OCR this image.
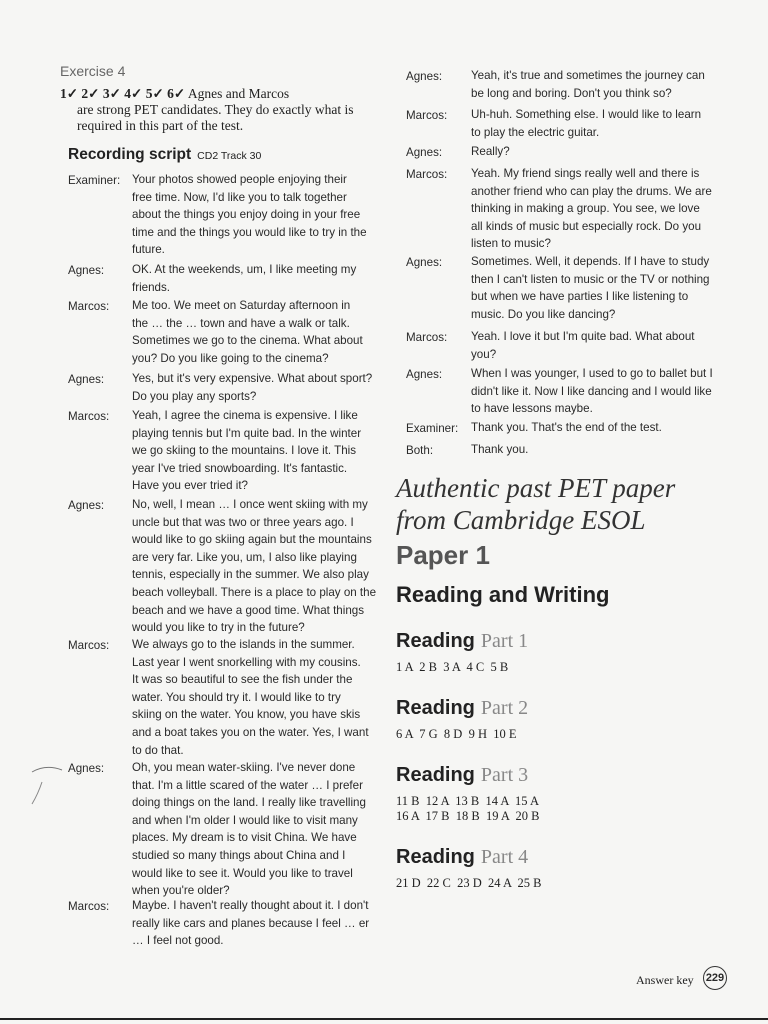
Exercise 4
1✓ 2✓ 3✓ 4✓ 5✓ 6✓ Agnes and Marcos
are strong PET candidates. They do exactly what is
required in this part of the test.
Recording script CD2 Track 30
Examiner: Your photos showed people enjoying their
free time. Now, I'd like you to talk together
about the things you enjoy doing in your free
time and the things you would like to try in the
future.
Agnes: OK. At the weekends, um, I like meeting my
friends.
Marcos: Me too. We meet on Saturday afternoon in
the … the … town and have a walk or talk.
Sometimes we go to the cinema. What about
you? Do you like going to the cinema?
Agnes: Yes, but it's very expensive. What about sport?
Do you play any sports?
Marcos: Yeah, I agree the cinema is expensive. I like
playing tennis but I'm quite bad. In the winter
we go skiing to the mountains. I love it. This
year I've tried snowboarding. It's fantastic.
Have you ever tried it?
Agnes: No, well, I mean … I once went skiing with my
uncle but that was two or three years ago. I
would like to go skiing again but the mountains
are very far. Like you, um, I also like playing
tennis, especially in the summer. We also play
beach volleyball. There is a place to play on the
beach and we have a good time. What things
would you like to try in the future?
Marcos: We always go to the islands in the summer.
Last year I went snorkelling with my cousins.
It was so beautiful to see the fish under the
water. You should try it. I would like to try
skiing on the water. You know, you have skis
and a boat takes you on the water. Yes, I want
to do that.
Agnes: Oh, you mean water-skiing. I've never done
that. I'm a little scared of the water … I prefer
doing things on the land. I really like travelling
and when I'm older I would like to visit many
places. My dream is to visit China. We have
studied so many things about China and I
would like to see it. Would you like to travel
when you're older?
Marcos: Maybe. I haven't really thought about it. I don't
really like cars and planes because I feel … er
… I feel not good.
Agnes: Yeah, it's true and sometimes the journey can
be long and boring. Don't you think so?
Marcos: Uh-huh. Something else. I would like to learn
to play the electric guitar.
Agnes: Really?
Marcos: Yeah. My friend sings really well and there is
another friend who can play the drums. We are
thinking in making a group. You see, we love
all kinds of music but especially rock. Do you
listen to music?
Agnes: Sometimes. Well, it depends. If I have to study
then I can't listen to music or the TV or nothing
but when we have parties I like listening to
music. Do you like dancing?
Marcos: Yeah. I love it but I'm quite bad. What about
you?
Agnes: When I was younger, I used to go to ballet but I
didn't like it. Now I like dancing and I would like
to have lessons maybe.
Examiner: Thank you. That's the end of the test.
Both:	Thank you.
Authentic past PET paper
from Cambridge ESOL
Paper 1
Reading and Writing
Reading Part 1
1 A  2 B  3 A  4 C  5 B
Reading Part 2
6 A  7 G  8 D  9 H  10 E
Reading Part 3
11 B  12 A  13 B  14 A  15 A
16 A  17 B  18 B  19 A  20 B
Reading Part 4
21 D  22 C  23 D  24 A  25 B
Answer key 229
